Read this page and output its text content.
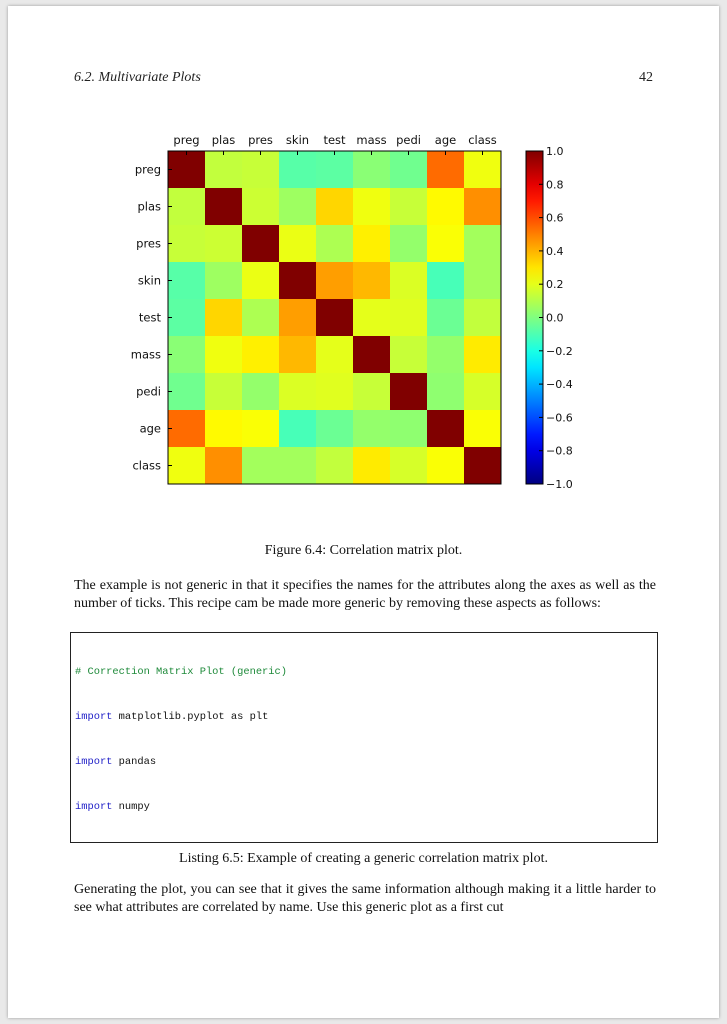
6.2. Multivariate Plots	42
preg
preg
plas
plas
pres
pres
skin
skin
test
test
mass
mass
pedi
pedi
age
age
class
class
1.0
0.8
0.6
0.4
0.2
0.0
−0.2
−0.4
−0.6
−0.8
−1.0
Figure 6.4: Correlation matrix plot.

The example is not generic in that it specifies the names for the attributes along the axes as well as the number of ticks. This recipe cam be made more generic by removing these aspects as follows:

# Correction Matrix Plot (generic)

import matplotlib.pyplot as plt

import pandas

import numpy

Listing 6.5: Example of creating a generic correlation matrix plot.

Generating the plot, you can see that it gives the same information although making it a little harder to see what attributes are correlated by name. Use this generic plot as a first cut
